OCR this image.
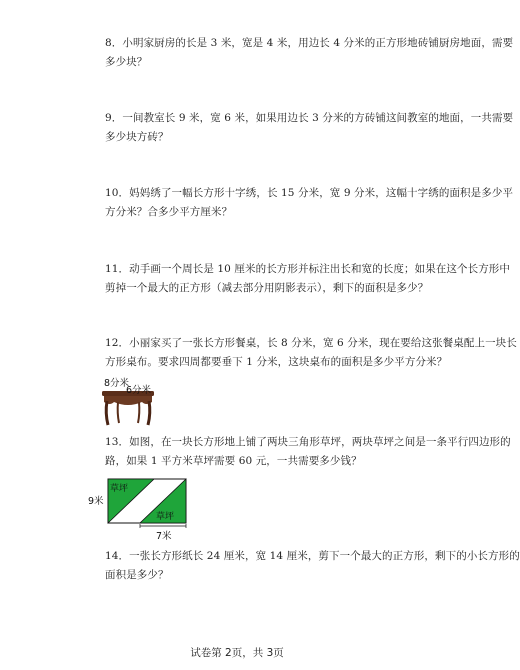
8．小明家厨房的长是 3 米，宽是 4 米，用边长 4 分米的正方形地砖铺厨房地面，需要
多少块？
9．一间教室长 9 米，宽 6 米，如果用边长 3 分米的方砖铺这间教室的地面，一共需要
多少块方砖？
10．妈妈绣了一幅长方形十字绣，长 15 分米，宽 9 分米，这幅十字绣的面积是多少平
方分米？合多少平方厘米？
11．动手画一个周长是 10 厘米的长方形并标注出长和宽的长度；如果在这个长方形中
剪掉一个最大的正方形（减去部分用阴影表示），剩下的面积是多少？
12．小丽家买了一张长方形餐桌，长 8 分米，宽 6 分米，现在要给这张餐桌配上一块长
方形桌布。要求四周都要垂下 1 分米，这块桌布的面积是多少平方分米？
8分米
6分米
13．如图，在一块长方形地上铺了两块三角形草坪，两块草坪之间是一条平行四边形的
路，如果 1 平方米草坪需要 60 元，一共需要多少钱？
草坪
草坪
9米
7米
14．一张长方形纸长 24 厘米，宽 14 厘米，剪下一个最大的正方形，剩下的小长方形的
面积是多少？
试卷第 2页，共 3页
